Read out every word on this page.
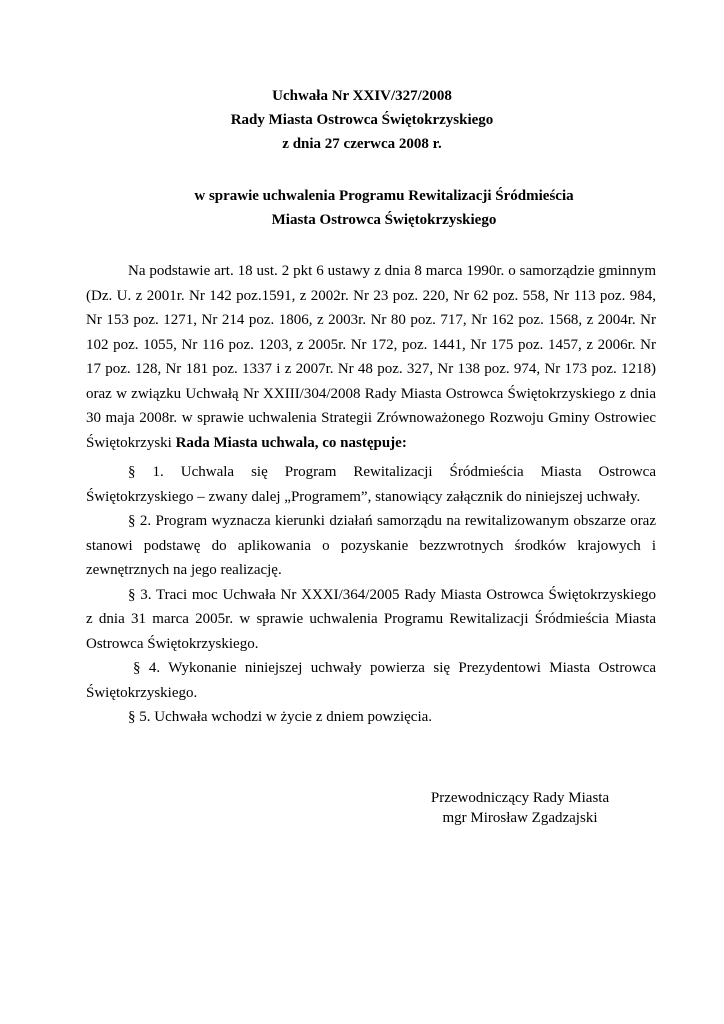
Uchwała Nr XXIV/327/2008
Rady Miasta Ostrowca Świętokrzyskiego
z dnia 27 czerwca 2008 r.
w sprawie uchwalenia Programu Rewitalizacji Śródmieścia
Miasta Ostrowca Świętokrzyskiego

Na podstawie art. 18 ust. 2 pkt 6 ustawy z dnia 8 marca 1990r. o samorządzie gminnym (Dz. U. z 2001r. Nr 142 poz.1591, z 2002r. Nr 23 poz. 220, Nr 62 poz. 558, Nr 113 poz. 984, Nr 153 poz. 1271, Nr 214 poz. 1806, z 2003r. Nr 80 poz. 717, Nr 162 poz. 1568, z 2004r. Nr 102 poz. 1055, Nr 116 poz. 1203, z 2005r. Nr 172, poz. 1441, Nr 175 poz. 1457, z 2006r. Nr 17 poz. 128, Nr 181 poz. 1337 i z 2007r. Nr 48 poz. 327, Nr 138 poz. 974, Nr 173 poz. 1218) oraz w związku Uchwałą Nr XXIII/304/2008 Rady Miasta Ostrowca Świętokrzyskiego z dnia 30 maja 2008r. w sprawie uchwalenia Strategii Zrównoważonego Rozwoju Gminy Ostrowiec Świętokrzyski Rada Miasta uchwala, co następuje:

§ 1. Uchwala się Program Rewitalizacji Śródmieścia Miasta Ostrowca Świętokrzyskiego – zwany dalej „Programem”, stanowiący załącznik do niniejszej uchwały.

§ 2. Program wyznacza kierunki działań samorządu na rewitalizowanym obszarze oraz stanowi podstawę do aplikowania o pozyskanie bezzwrotnych środków krajowych i zewnętrznych na jego realizację.

§ 3. Traci moc Uchwała Nr XXXI/364/2005 Rady Miasta Ostrowca Świętokrzyskiego z dnia 31 marca 2005r. w sprawie uchwalenia Programu Rewitalizacji Śródmieścia Miasta Ostrowca Świętokrzyskiego.

§ 4. Wykonanie niniejszej uchwały powierza się Prezydentowi Miasta Ostrowca Świętokrzyskiego.

§ 5. Uchwała wchodzi w życie z dniem powzięcia.

Przewodniczący Rady Miasta
mgr Mirosław Zgadzajski
